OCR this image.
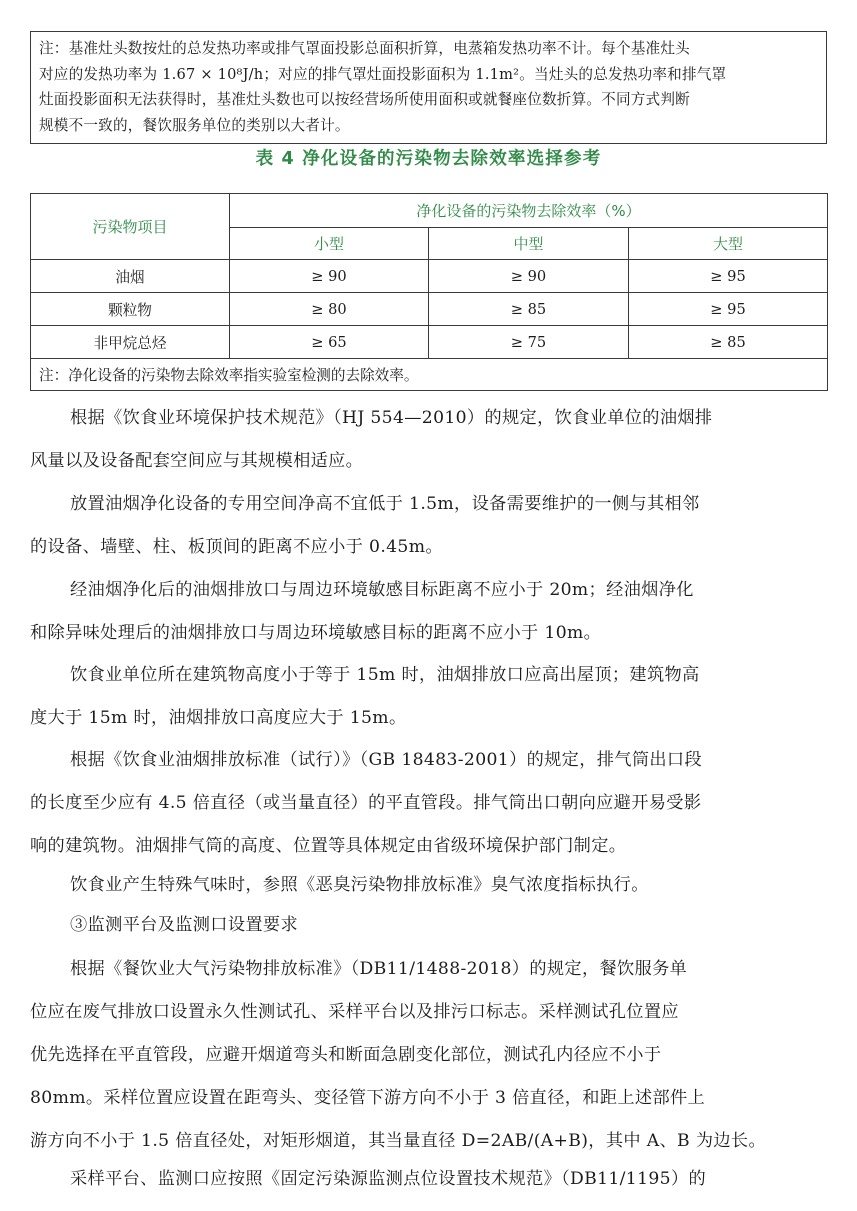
注：基准灶头数按灶的总发热功率或排气罩面投影总面积折算，电蒸箱发热功率不计。每个基准灶头
对应的发热功率为 1.67 × 10⁸J/h；对应的排气罩灶面投影面积为 1.1m²。当灶头的总发热功率和排气罩
灶面投影面积无法获得时，基准灶头数也可以按经营场所使用面积或就餐座位数折算。不同方式判断
规模不一致的，餐饮服务单位的类别以大者计。
表 4 净化设备的污染物去除效率选择参考
污染物项目	净化设备的污染物去除效率（%）		
	小型	中型	大型
油烟	≥ 90	≥ 90	≥ 95
颗粒物	≥ 80	≥ 85	≥ 95
非甲烷总烃	≥ 65	≥ 75	≥ 85
注：净化设备的污染物去除效率指实验室检测的去除效率。			
根据《饮食业环境保护技术规范》（HJ 554—2010）的规定，饮食业单位的油烟排
风量以及设备配套空间应与其规模相适应。
放置油烟净化设备的专用空间净高不宜低于 1.5m，设备需要维护的一侧与其相邻
的设备、墙壁、柱、板顶间的距离不应小于 0.45m。
经油烟净化后的油烟排放口与周边环境敏感目标距离不应小于 20m；经油烟净化
和除异味处理后的油烟排放口与周边环境敏感目标的距离不应小于 10m。
饮食业单位所在建筑物高度小于等于 15m 时，油烟排放口应高出屋顶；建筑物高
度大于 15m 时，油烟排放口高度应大于 15m。
根据《饮食业油烟排放标准（试行）》（GB 18483-2001）的规定，排气筒出口段
的长度至少应有 4.5 倍直径（或当量直径）的平直管段。排气筒出口朝向应避开易受影
响的建筑物。油烟排气筒的高度、位置等具体规定由省级环境保护部门制定。
饮食业产生特殊气味时，参照《恶臭污染物排放标准》臭气浓度指标执行。
③监测平台及监测口设置要求
根据《餐饮业大气污染物排放标准》（DB11/1488-2018）的规定，餐饮服务单
位应在废气排放口设置永久性测试孔、采样平台以及排污口标志。采样测试孔位置应
优先选择在平直管段，应避开烟道弯头和断面急剧变化部位，测试孔内径应不小于
80mm。采样位置应设置在距弯头、变径管下游方向不小于 3 倍直径，和距上述部件上
游方向不小于 1.5 倍直径处，对矩形烟道，其当量直径 D=2AB/(A+B)，其中 A、B 为边长。
采样平台、监测口应按照《固定污染源监测点位设置技术规范》（DB11/1195）的
